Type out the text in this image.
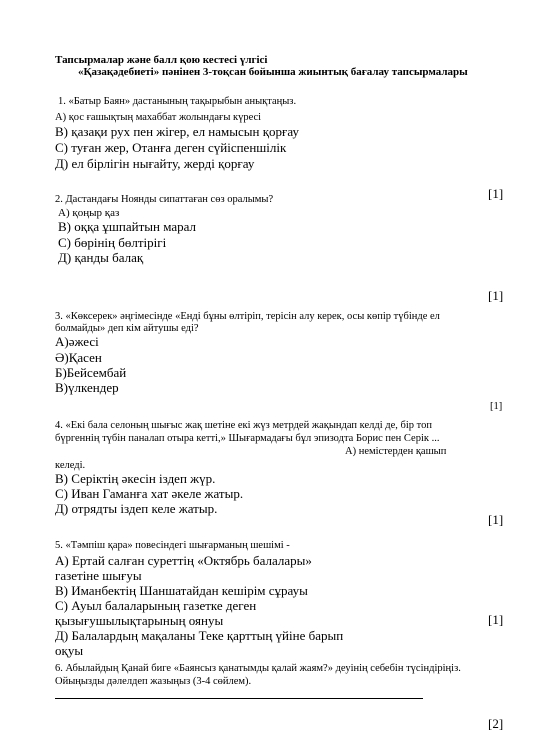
Тапсырмалар және балл қою кестесі үлгісі
«Қазақәдебиеті» пәнінен 3-тоқсан бойынша жиынтық бағалау тапсырмалары
1. «Батыр Баян» дастанының тақырыбын анықтаңыз.
А) қос ғашықтың махаббат жолындағы күресі
В) қазақи рух пен жігер, ел намысын қорғау
С) туған жер, Отанға деген сүйіспеншілік
Д) ел бірлігін нығайту, жерді қорғау
2. Дастандағы Ноянды сипаттаған сөз оралымы?	[1]
А) қоңыр қаз
В) оққа ұшпайтын марал
С) бөрінің бөлтірігі
Д) қанды балақ
[1]
3. «Көксерек» әңгімесінде «Енді бұны өлтіріп, терісін алу керек, осы көпір түбінде ел
болмайды» деп кім айтушы еді?
А)әжесі
Ә)Қасен
Б)Бейсембай
В)үлкендер
[1]
4. «Екі бала селоның шығыс жақ шетіне екі жүз метрдей жақындап келді де, бір топ
бүргеннің түбін паналап отыра кетті,» Шығармадағы бұл эпизодта Борис пен Серік ...
А) немістерден қашып
келеді.
В) Серіктің әкесін іздеп жүр.
С) Иван Гаманға хат әкеле жатыр.
Д) отрядты іздеп келе жатыр.
[1]
5. «Тәмпіш қара» повесіндегі шығарманың шешімі -
А) Ертай салған суреттің «Октябрь балалары»
газетіне шығуы
В) Иманбектің Шаншатайдан кешірім сұрауы
С) Ауыл балаларының газетке деген
қызығушылықтарының оянуы	[1]
Д) Балалардың мақаланы Теке қарттың үйіне барып
оқуы
6. Абылайдың Қанай биге «Баянсыз қанатымды қалай жаям?» деуінің себебін түсіндіріңіз.
Ойыңызды дәлелдеп жазыңыз (3-4 сөйлем).
[2]
